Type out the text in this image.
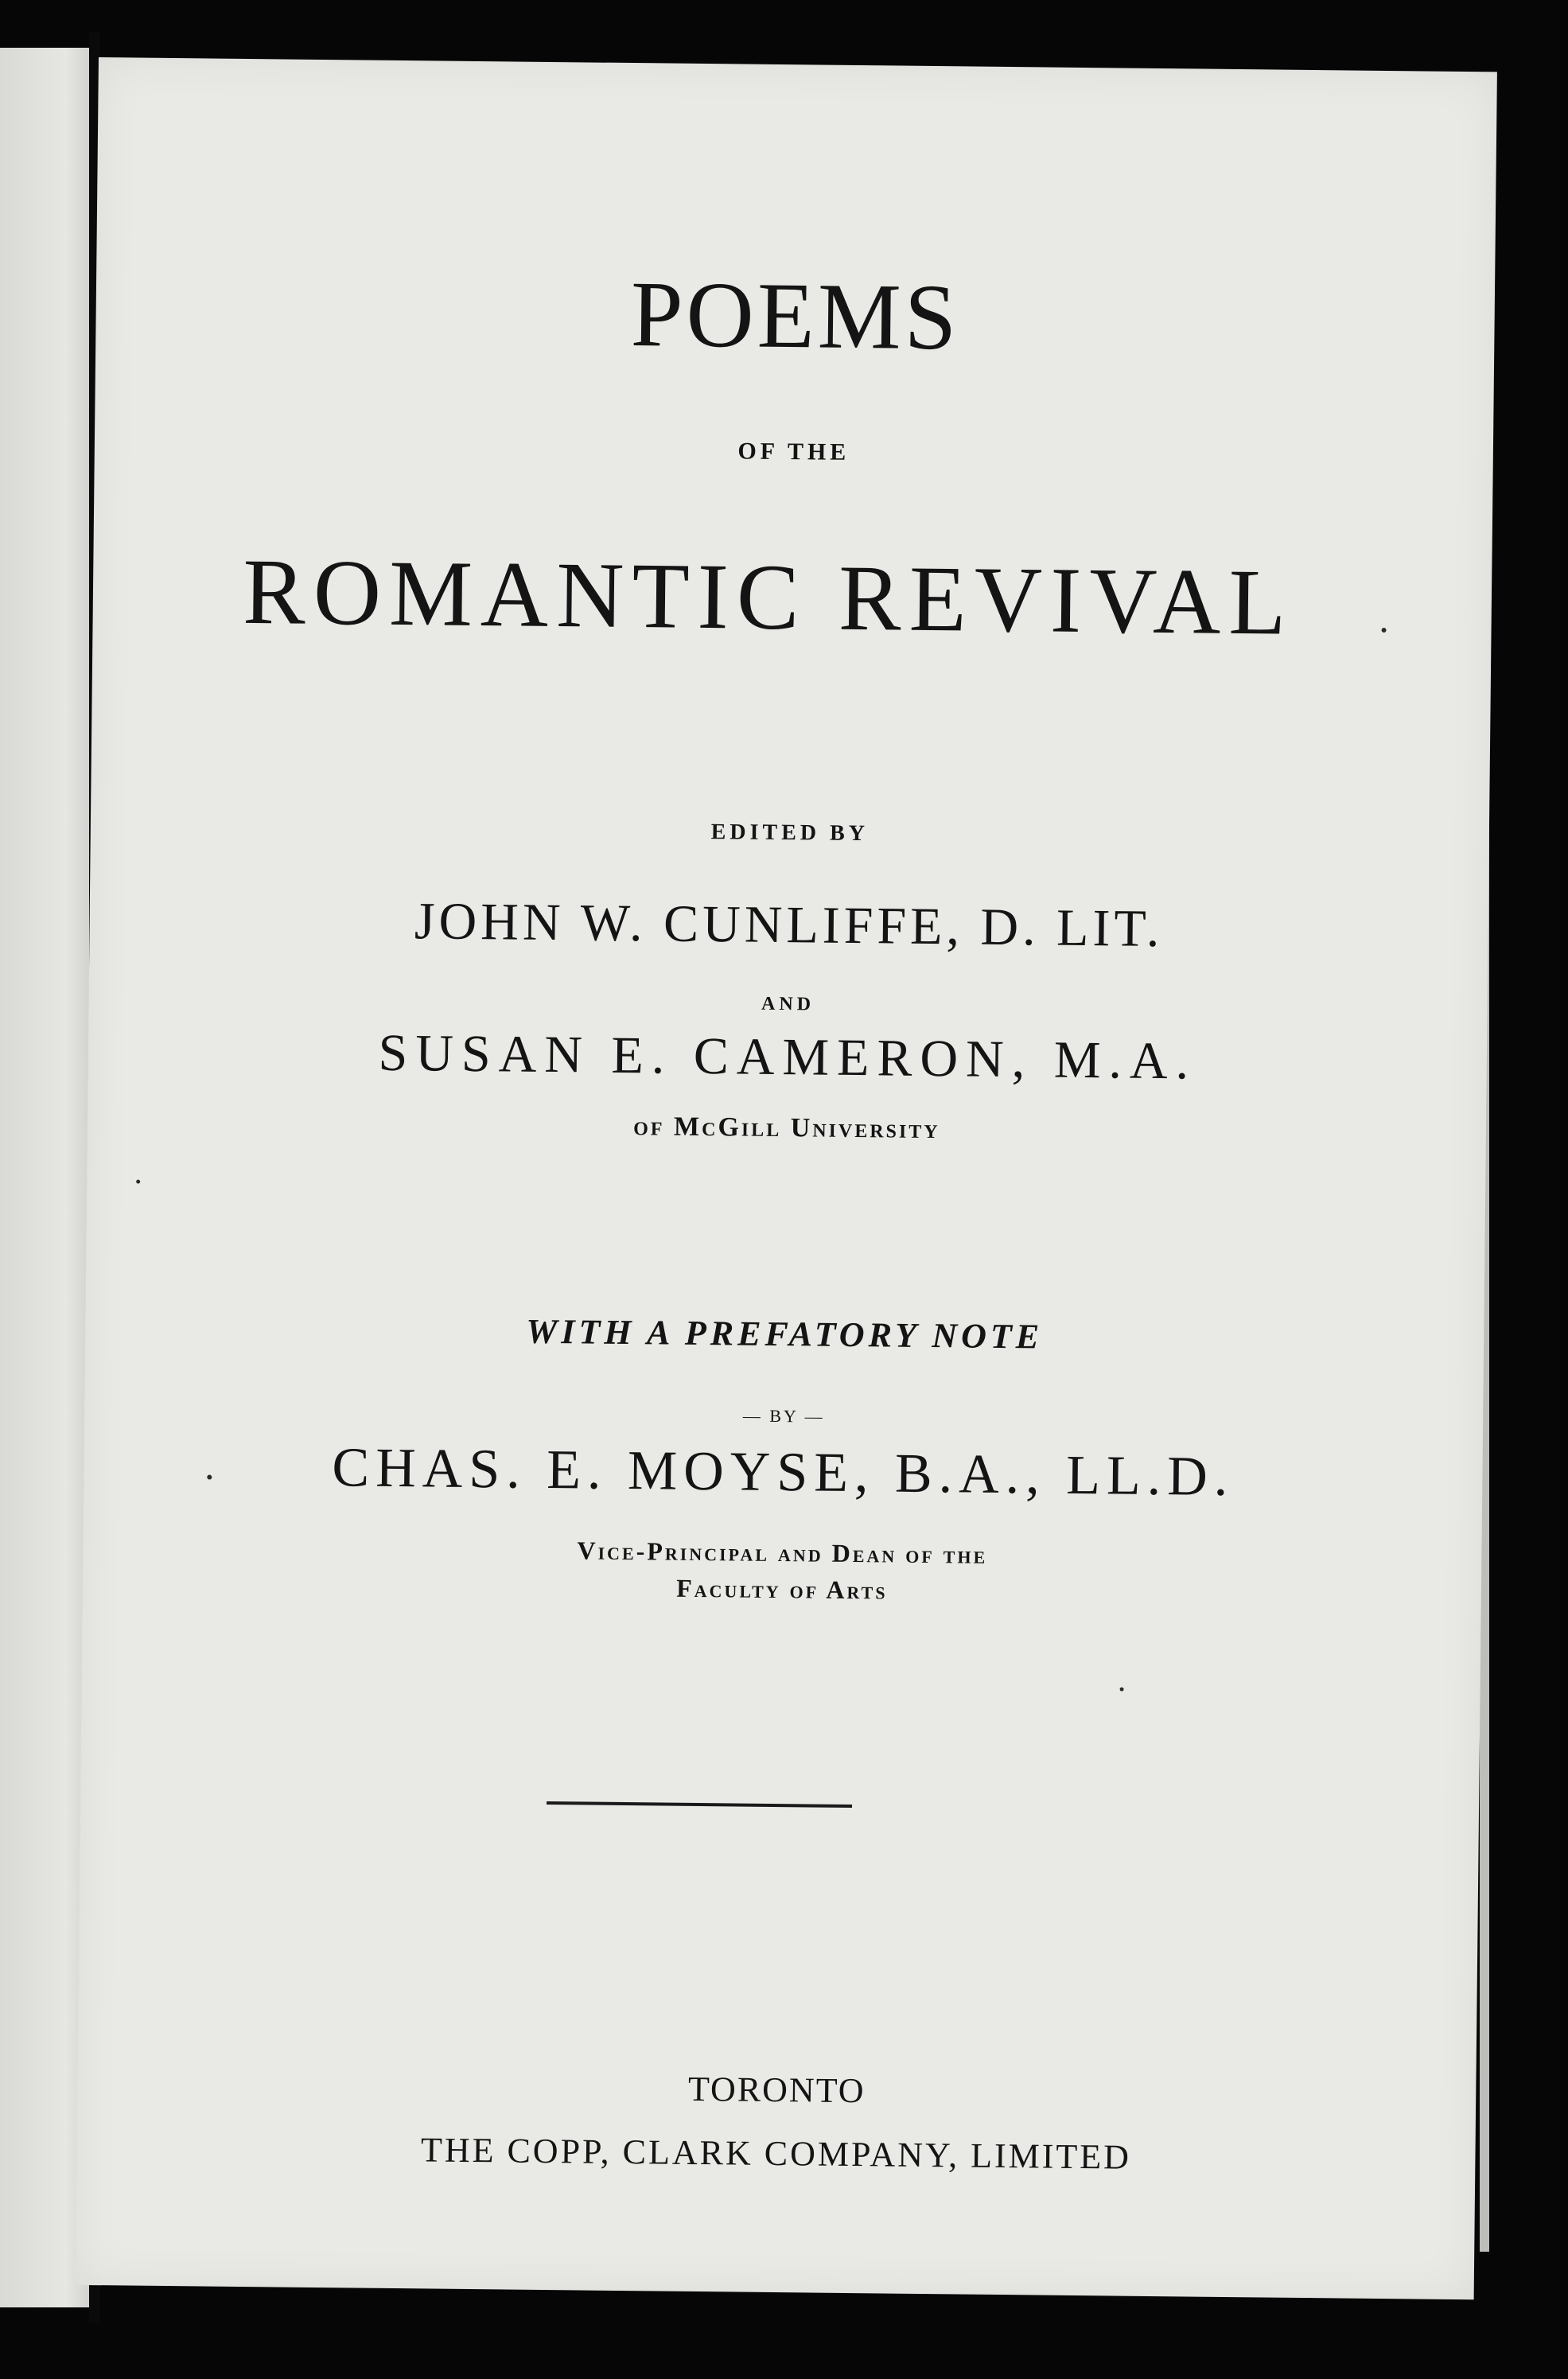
POEMS

OF THE

ROMANTIC REVIVAL

EDITED BY

JOHN W. CUNLIFFE, D. LIT.

AND

SUSAN E. CAMERON, M.A.

of McGill University

WITH A PREFATORY NOTE

— BY —

CHAS. E. MOYSE, B.A., LL.D.

Vice-Principal and Dean of the

Faculty of Arts

TORONTO

THE COPP, CLARK COMPANY, LIMITED
